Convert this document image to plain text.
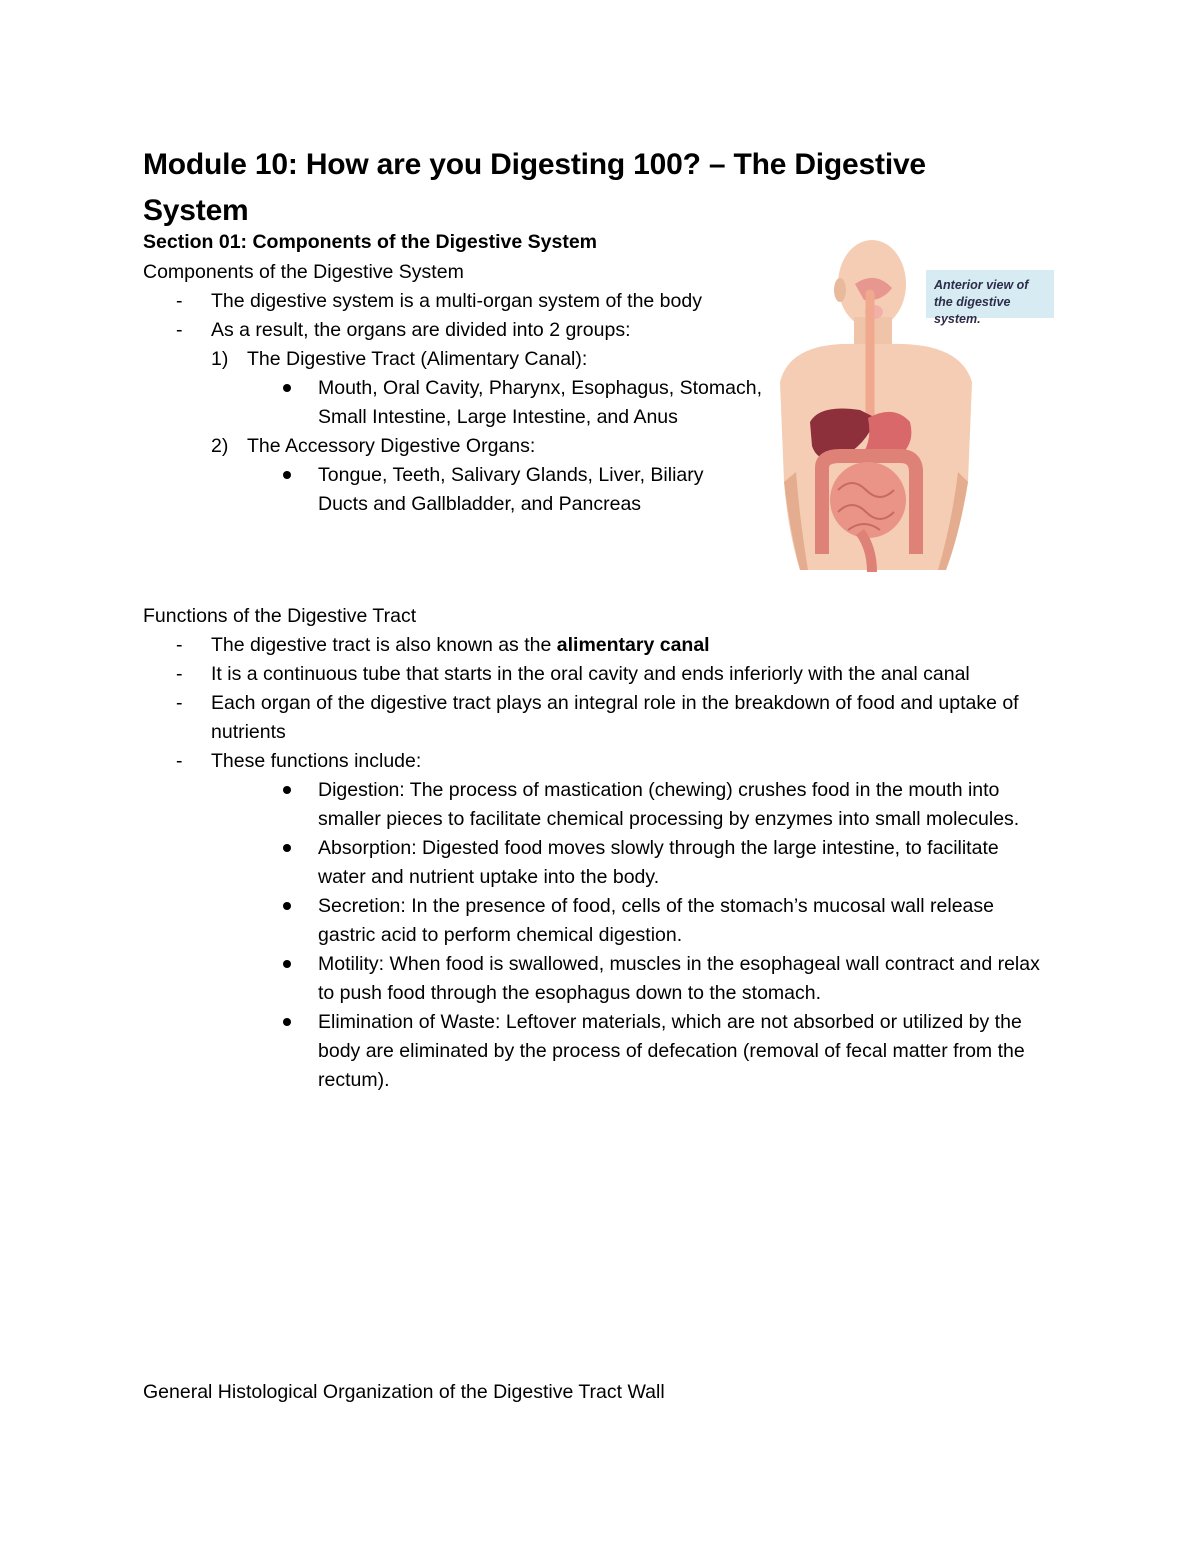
Module 10: How are you Digesting 100? – The Digestive System
Section 01: Components of the Digestive System
Components of the Digestive System
- The digestive system is a multi-organ system of the body
- As a result, the organs are divided into 2 groups:
1) The Digestive Tract (Alimentary Canal):
Mouth, Oral Cavity, Pharynx, Esophagus, Stomach, Small Intestine, Large Intestine, and Anus
2) The Accessory Digestive Organs:
Tongue, Teeth, Salivary Glands, Liver, Biliary Ducts and Gallbladder, and Pancreas
Anterior view of the digestive system.
Functions of the Digestive Tract
- The digestive tract is also known as the alimentary canal
- It is a continuous tube that starts in the oral cavity and ends inferiorly with the anal canal
- Each organ of the digestive tract plays an integral role in the breakdown of food and uptake of nutrients
- These functions include:
Digestion: The process of mastication (chewing) crushes food in the mouth into smaller pieces to facilitate chemical processing by enzymes into small molecules.
Absorption: Digested food moves slowly through the large intestine, to facilitate water and nutrient uptake into the body.
Secretion: In the presence of food, cells of the stomach’s mucosal wall release gastric acid to perform chemical digestion.
Motility: When food is swallowed, muscles in the esophageal wall contract and relax to push food through the esophagus down to the stomach.
Elimination of Waste: Leftover materials, which are not absorbed or utilized by the body are eliminated by the process of defecation (removal of fecal matter from the rectum).
General Histological Organization of the Digestive Tract Wall
